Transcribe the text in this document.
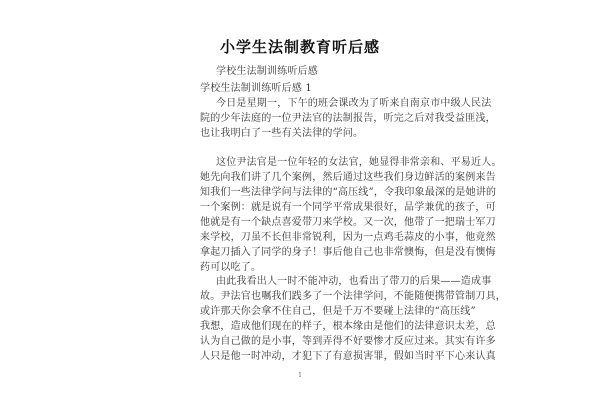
小学生法制教育听后感
学校生法制训练听后感
学校生法制训练听后感 1
今日是星期一，下午的班会课改为了听来自南京市中级人民法
院的少年法庭的一位尹法官的法制报告，听完之后对我受益匪浅，
也让我明白了一些有关法律的学问。
这位尹法官是一位年轻的女法官，她显得非常亲和、平易近人。
她先向我们讲了几个案例，然后通过这些我们身边鲜活的案例来告
知我们一些法律学问与法律的“高压线”，令我印象最深的是她讲的
一个案例：就是说有一个同学平常成果很好，品学兼优的孩子，可
他就是有一个缺点喜爱带刀来学校。又一次，他带了一把瑞士军刀
来学校，刀虽不长但非常锐利，因为一点鸡毛蒜皮的小事，他竟然
拿起刀插入了同学的身子！事后他自己也非常懊悔，但是没有懊悔
药可以吃了。
由此我看出人一时不能冲动，也看出了带刀的后果——造成事
故。尹法官也嘱我们践多了一个法律学问，不能随便携带管制刀具，
或许那天你会拿不住自己，但是千万不要碰上法律的“高压线”
我想，造成他们现在的样子，根本缘由是他们的法律意识太差，总
认为自己做的是小事，等到弄得不好要惨才反应过来。其实有许多
人只是他一时冲动，才犯下了有意损害罪，假如当时平下心来认真
1
